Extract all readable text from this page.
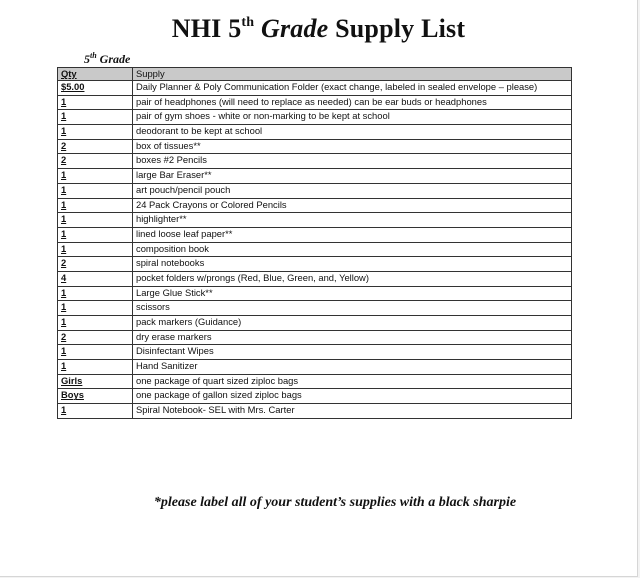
NHI 5th Grade Supply List
5th Grade
Qty	Supply
$5.00	Daily Planner & Poly Communication Folder (exact change, labeled in sealed envelope – please)
1	pair of headphones (will need to replace as needed) can be ear buds or headphones
1	pair of gym shoes - white or non-marking to be kept at school
1	deodorant to be kept at school
2	box of tissues**
2	boxes #2 Pencils
1	large Bar Eraser**
1	art pouch/pencil pouch
1	24 Pack Crayons or Colored Pencils
1	highlighter**
1	lined loose leaf paper**
1	composition book
2	spiral notebooks
4	pocket folders w/prongs (Red, Blue, Green, and, Yellow)
1	Large Glue Stick**
1	scissors
1	pack markers (Guidance)
2	dry erase markers
1	Disinfectant Wipes
1	Hand Sanitizer
Girls	one package of quart sized ziploc bags
Boys	one package of gallon sized ziploc bags
1	Spiral Notebook- SEL with Mrs. Carter
*please label all of your student’s supplies with a black sharpie
